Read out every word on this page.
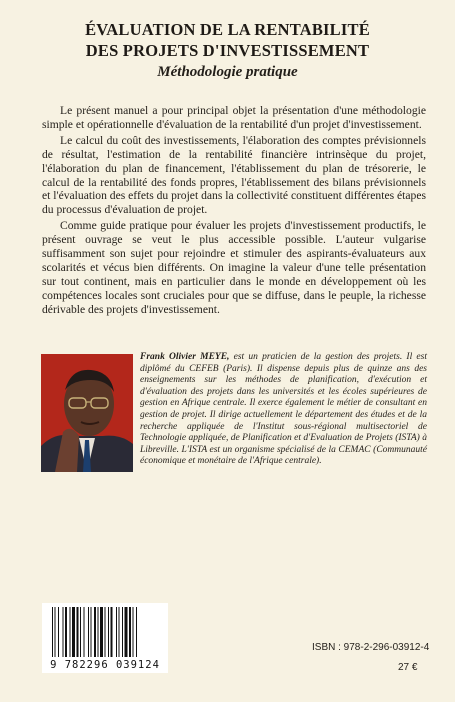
ÉVALUATION DE LA RENTABILITÉ
DES PROJETS D'INVESTISSEMENT
Méthodologie pratique

Le présent manuel a pour principal objet la présentation d'une méthodologie simple et opérationnelle d'évaluation de la rentabilité d'un projet d'investissement.

Le calcul du coût des investissements, l'élaboration des comptes prévisionnels de résultat, l'estimation de la rentabilité financière intrinsèque du projet, l'élaboration du plan de financement, l'établissement du plan de trésorerie, le calcul de la rentabilité des fonds propres, l'établissement des bilans prévisionnels et l'évaluation des effets du projet dans la collectivité constituent différentes étapes du processus d'évaluation de projet.

Comme guide pratique pour évaluer les projets d'investissement productifs, le présent ouvrage se veut le plus accessible possible. L'auteur vulgarise suffisamment son sujet pour rejoindre et stimuler des aspirants-évaluateurs aux scolarités et vécus bien différents. On imagine la valeur d'une telle présentation sur tout continent, mais en particulier dans le monde en développement où les compétences locales sont cruciales pour que se diffuse, dans le peuple, la richesse dérivable des projets d'investissement.

Frank Olivier MEYE, est un praticien de la gestion des projets. Il est diplômé du CEFEB (Paris). Il dispense depuis plus de quinze ans des enseignements sur les méthodes de planification, d'exécution et d'évaluation des projets dans les universités et les écoles supérieures de gestion en Afrique centrale. Il exerce également le métier de consultant en gestion de projet. Il dirige actuellement le département des études et de la recherche appliquée de l'Institut sous-régional multisectoriel de Technologie appliquée, de Planification et d'Evaluation de Projets (ISTA) à Libreville. L'ISTA est un organisme spécialisé de la CEMAC (Communauté économique et monétaire de l'Afrique centrale).
9 782296 039124
ISBN : 978-2-296-03912-4
27 €
